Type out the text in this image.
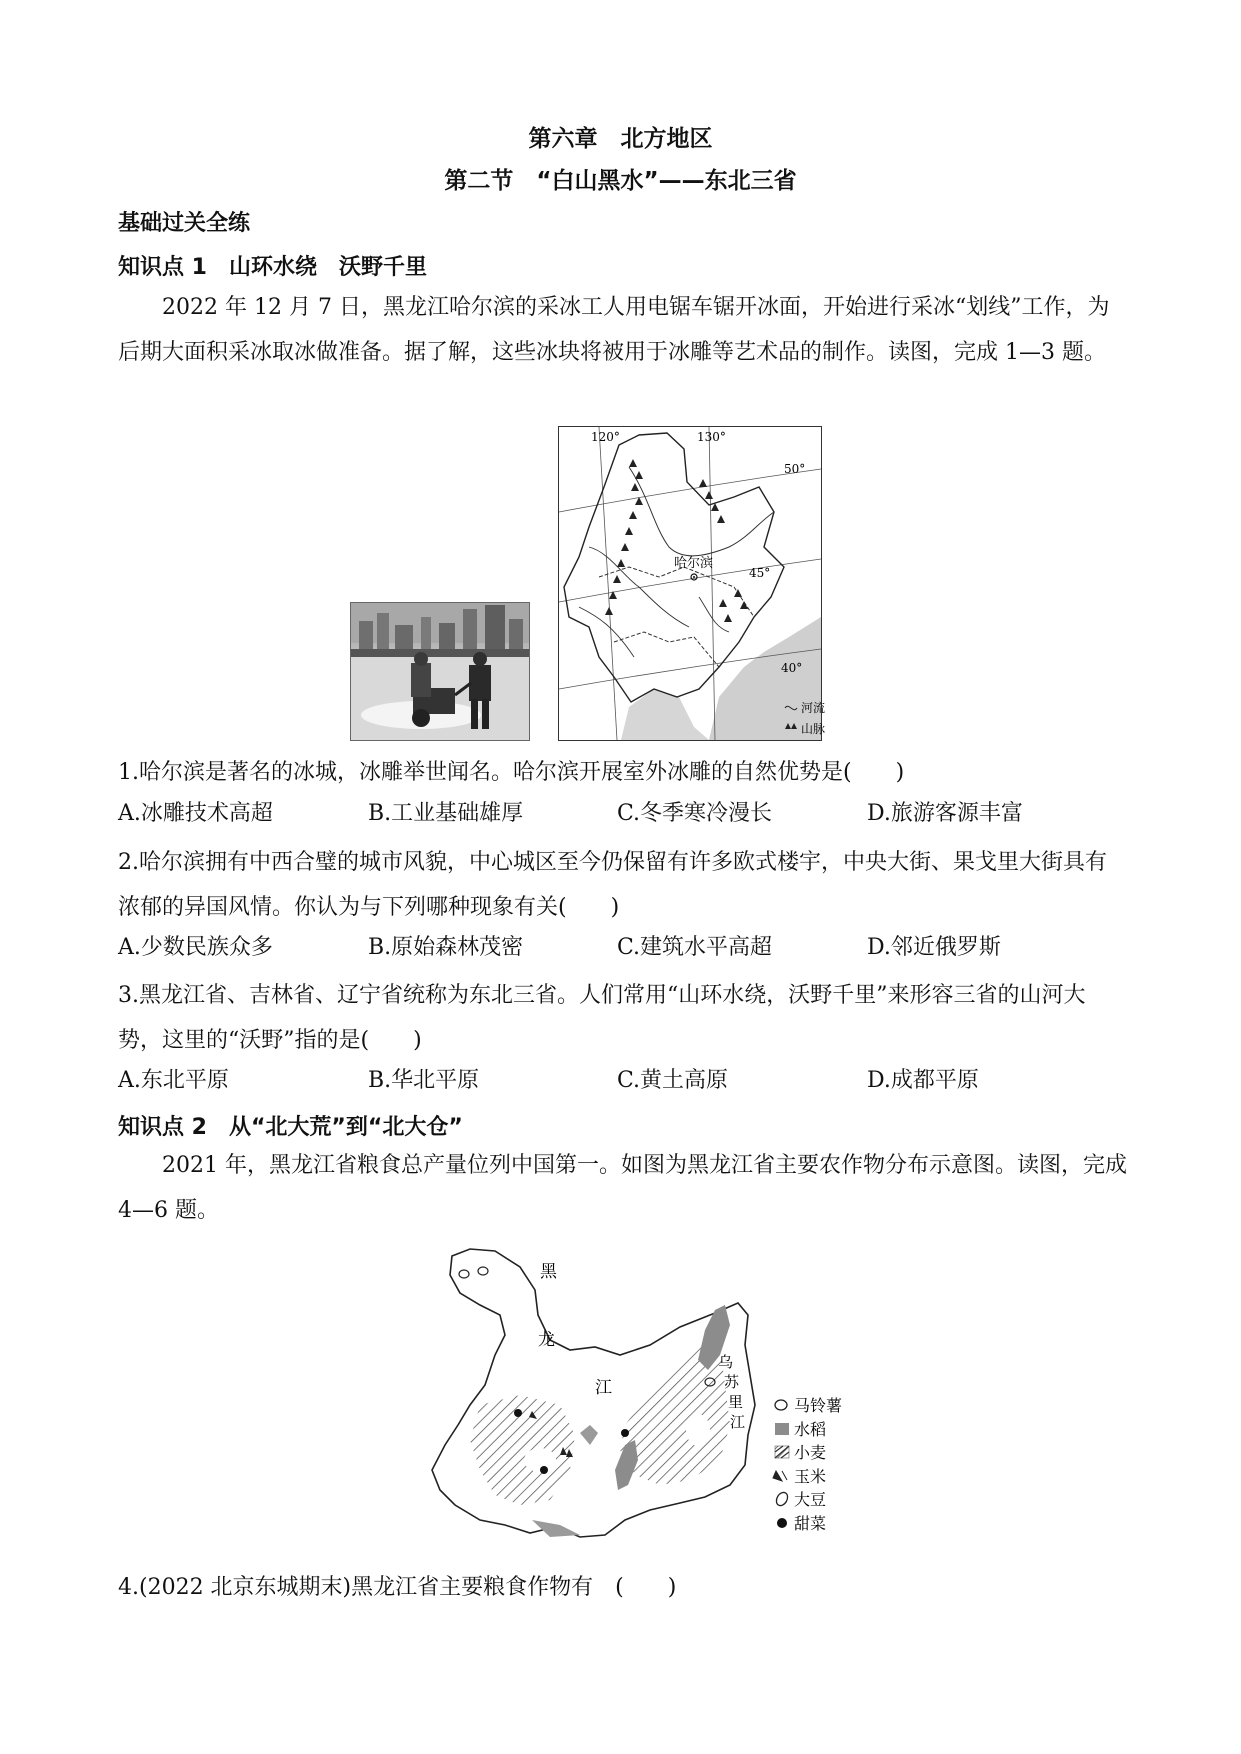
第六章　北方地区
第二节　“白山黑水”——东北三省
基础过关全练
知识点 1　山环水绕　沃野千里
2022 年 12 月 7 日，黑龙江哈尔滨的采冰工人用电锯车锯开冰面，开始进行采冰“划线”工作，为后期大面积采冰取冰做准备。据了解，这些冰块将被用于冰雕等艺术品的制作。读图，完成 1—3 题。
120°	130°
50°
45°
40°
哈尔滨
河流
山脉
1.哈尔滨是著名的冰城，冰雕举世闻名。哈尔滨开展室外冰雕的自然优势是(　　)
A.冰雕技术高超	B.工业基础雄厚	C.冬季寒冷漫长	D.旅游客源丰富
2.哈尔滨拥有中西合璧的城市风貌，中心城区至今仍保留有许多欧式楼宇，中央大街、果戈里大街具有浓郁的异国风情。你认为与下列哪种现象有关(　　)
A.少数民族众多	B.原始森林茂密	C.建筑水平高超	D.邻近俄罗斯
3.黑龙江省、吉林省、辽宁省统称为东北三省。人们常用“山环水绕，沃野千里”来形容三省的山河大势，这里的“沃野”指的是(　　)
A.东北平原	B.华北平原	C.黄土高原	D.成都平原
知识点 2　从“北大荒”到“北大仓”
2021 年，黑龙江省粮食总产量位列中国第一。如图为黑龙江省主要农作物分布示意图。读图，完成 4—6 题。
黑
龙
江
乌
苏
里
江
马铃薯
水稻
小麦
玉米
大豆
甜菜
4.(2022 北京东城期末)黑龙江省主要粮食作物有　(　　)
